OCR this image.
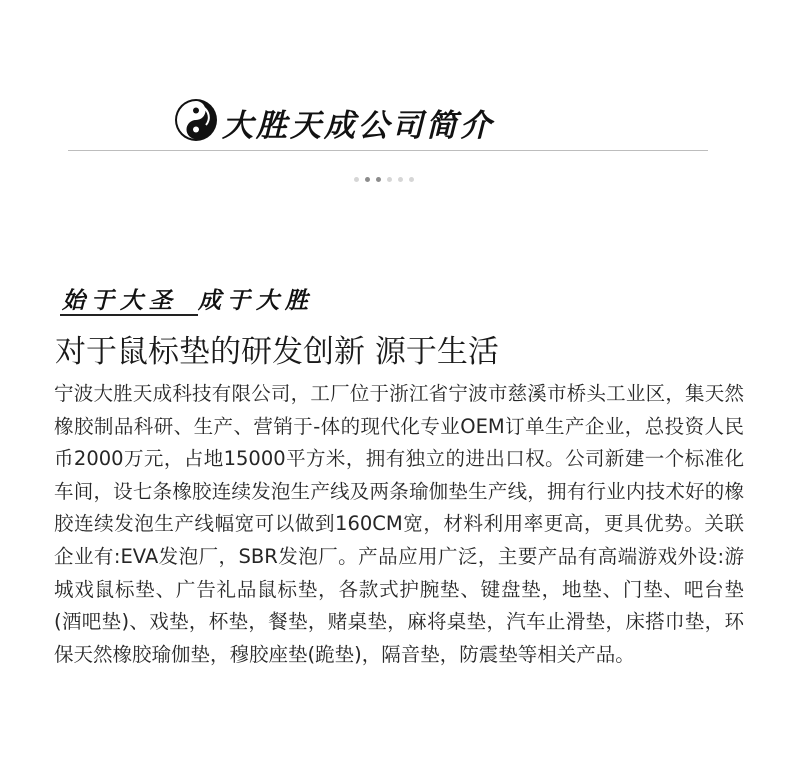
大胜天成公司简介
始于大圣 成于大胜
对于鼠标垫的研发创新 源于生活
宁波大胜天成科技有限公司，工厂位于浙江省宁波市慈溪市桥头工业区，集天然橡胶制品科研、生产、营销于-体的现代化专业OEM订单生产企业，总投资人民币2000万元，占地15000平方米，拥有独立的进出口权。公司新建一个标准化车间，设七条橡胶连续发泡生产线及两条瑜伽垫生产线，拥有行业内技术好的橡胶连续发泡生产线幅宽可以做到160CM宽，材料利用率更高，更具优势。关联企业有:EVA发泡厂，SBR发泡厂。产品应用广泛，主要产品有高端游戏外设:游城戏鼠标垫、广告礼品鼠标垫，各款式护腕垫、键盘垫，地垫、门垫、吧台垫(酒吧垫)、戏垫，杯垫，餐垫，赌桌垫，麻将桌垫，汽车止滑垫，床搭巾垫，环保天然橡胶瑜伽垫，穆胶座垫(跪垫)，隔音垫，防震垫等相关产品。
